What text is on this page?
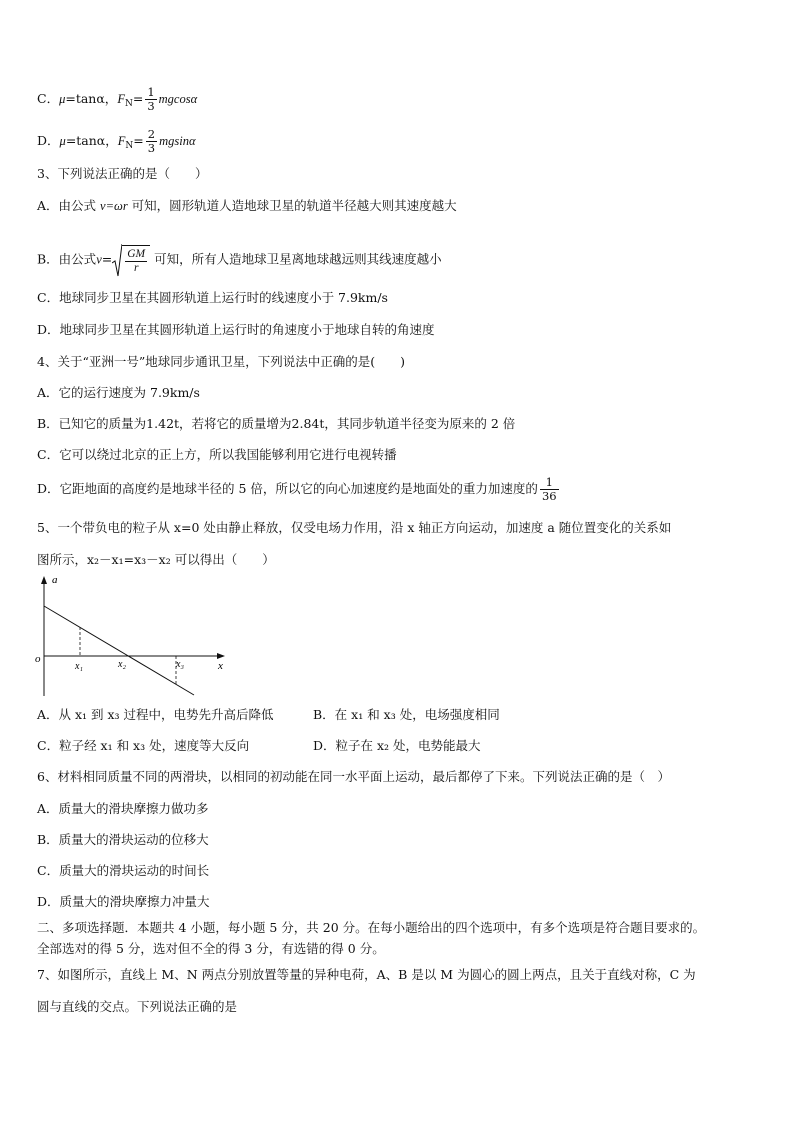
C．μ=tanα，$F_N= \frac{1}{3}$ mgcosα
D．μ=tanα，$F_N= \frac{2}{3}$ mgsinα
3、下列说法正确的是（　　）
A．由公式 v=ωr 可知，圆形轨道人造地球卫星的轨道半径越大则其速度越大
B．由公式$v= \frac{GM}{r}$ 可知，所有人造地球卫星离地球越远则其线速度越小
C．地球同步卫星在其圆形轨道上运行时的线速度小于 7.9km/s
D．地球同步卫星在其圆形轨道上运行时的角速度小于地球自转的角速度
4、关于“亚洲一号”地球同步通讯卫星，下列说法中正确的是(　　)
A．它的运行速度为 7.9km/s
B．已知它的质量为1.42t，若将它的质量增为2.84t，其同步轨道半径变为原来的 2 倍
C．它可以绕过北京的正上方，所以我国能够利用它进行电视转播
D．它距地面的高度约是地球半径的 5 倍，所以它的向心加速度约是地面处的重力加速度的 $\frac{1}{36}$
5、一个带负电的粒子从 x=0 处由静止释放，仅受电场力作用，沿 x 轴正方向运动，加速度 a 随位置变化的关系如
图所示，x₂－x₁=x₃－x₂ 可以得出（　　）
a
x
o
x₁	x₂	x₃
A．从 x₁ 到 x₃ 过程中，电势先升高后降低	B．在 x₁ 和 x₃ 处，电场强度相同
C．粒子经 x₁ 和 x₃ 处，速度等大反向	D．粒子在 x₂ 处，电势能最大
6、材料相同质量不同的两滑块，以相同的初动能在同一水平面上运动，最后都停了下来。下列说法正确的是（　）
A．质量大的滑块摩擦力做功多
B．质量大的滑块运动的位移大
C．质量大的滑块运动的时间长
D．质量大的滑块摩擦力冲量大
二、多项选择题．本题共 4 小题，每小题 5 分，共 20 分。在每小题给出的四个选项中，有多个选项是符合题目要求的。
全部选对的得 5 分，选对但不全的得 3 分，有选错的得 0 分。
7、如图所示，直线上 M、N 两点分别放置等量的异种电荷，A、B 是以 M 为圆心的圆上两点，且关于直线对称，C 为
圆与直线的交点。下列说法正确的是
